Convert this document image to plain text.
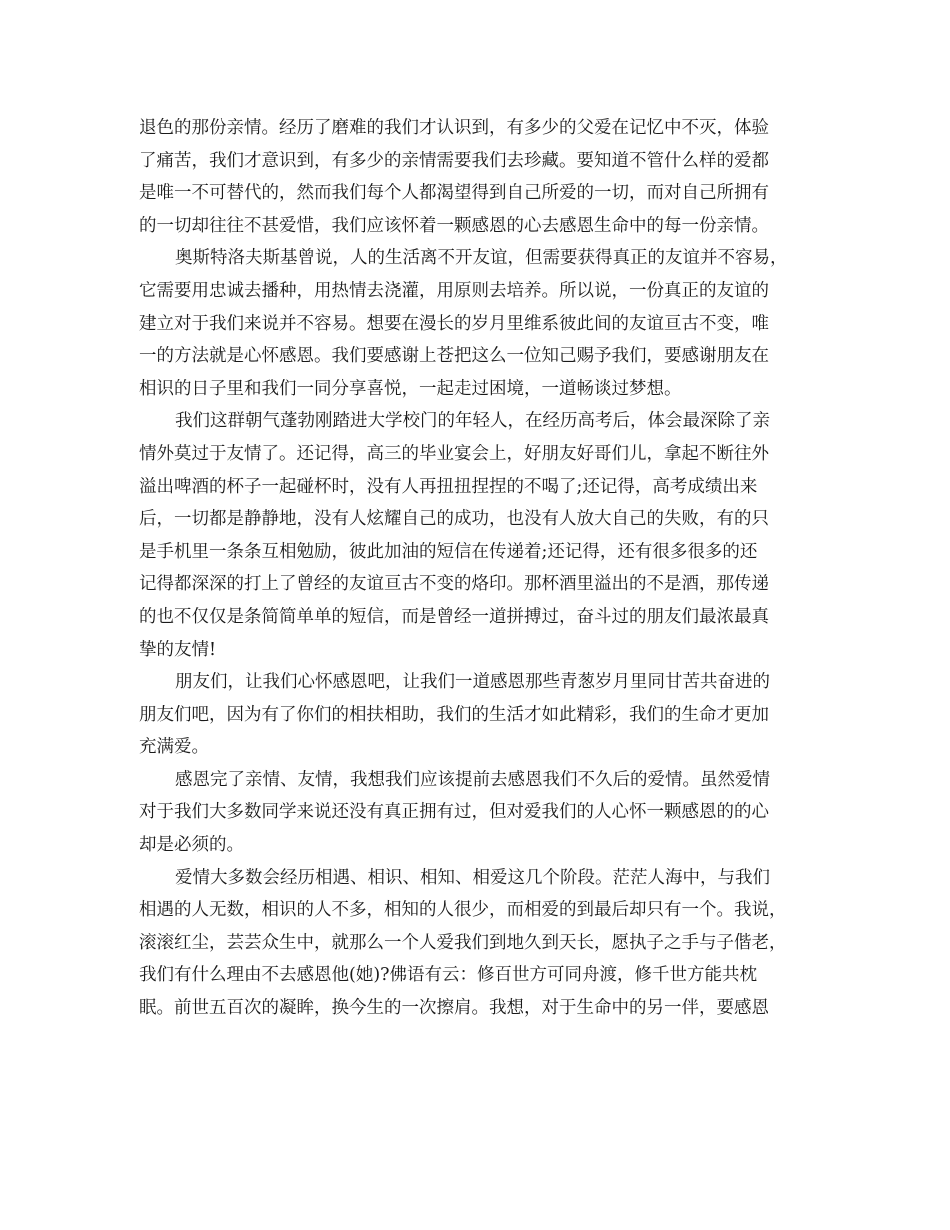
退色的那份亲情。经历了磨难的我们才认识到，有多少的父爱在记忆中不灭，体验
了痛苦，我们才意识到，有多少的亲情需要我们去珍藏。要知道不管什么样的爱都
是唯一不可替代的，然而我们每个人都渴望得到自己所爱的一切，而对自己所拥有
的一切却往往不甚爱惜，我们应该怀着一颗感恩的心去感恩生命中的每一份亲情。
奥斯特洛夫斯基曾说，人的生活离不开友谊，但需要获得真正的友谊并不容易，
它需要用忠诚去播种，用热情去浇灌，用原则去培养。所以说，一份真正的友谊的
建立对于我们来说并不容易。想要在漫长的岁月里维系彼此间的友谊亘古不变，唯
一的方法就是心怀感恩。我们要感谢上苍把这么一位知己赐予我们，要感谢朋友在
相识的日子里和我们一同分享喜悦，一起走过困境，一道畅谈过梦想。
我们这群朝气蓬勃刚踏进大学校门的年轻人，在经历高考后，体会最深除了亲
情外莫过于友情了。还记得，高三的毕业宴会上，好朋友好哥们儿，拿起不断往外
溢出啤酒的杯子一起碰杯时，没有人再扭扭捏捏的不喝了;还记得，高考成绩出来
后，一切都是静静地，没有人炫耀自己的成功，也没有人放大自己的失败，有的只
是手机里一条条互相勉励，彼此加油的短信在传递着;还记得，还有很多很多的还
记得都深深的打上了曾经的友谊亘古不变的烙印。那杯酒里溢出的不是酒，那传递
的也不仅仅是条简简单单的短信，而是曾经一道拼搏过，奋斗过的朋友们最浓最真
挚的友情!
朋友们，让我们心怀感恩吧，让我们一道感恩那些青葱岁月里同甘苦共奋进的
朋友们吧，因为有了你们的相扶相助，我们的生活才如此精彩，我们的生命才更加
充满爱。
感恩完了亲情、友情，我想我们应该提前去感恩我们不久后的爱情。虽然爱情
对于我们大多数同学来说还没有真正拥有过，但对爱我们的人心怀一颗感恩的的心
却是必须的。
爱情大多数会经历相遇、相识、相知、相爱这几个阶段。茫茫人海中，与我们
相遇的人无数，相识的人不多，相知的人很少，而相爱的到最后却只有一个。我说，
滚滚红尘，芸芸众生中，就那么一个人爱我们到地久到天长，愿执子之手与子偕老，
我们有什么理由不去感恩他(她)?佛语有云：修百世方可同舟渡，修千世方能共枕
眠。前世五百次的凝眸，换今生的一次擦肩。我想，对于生命中的另一伴，要感恩
